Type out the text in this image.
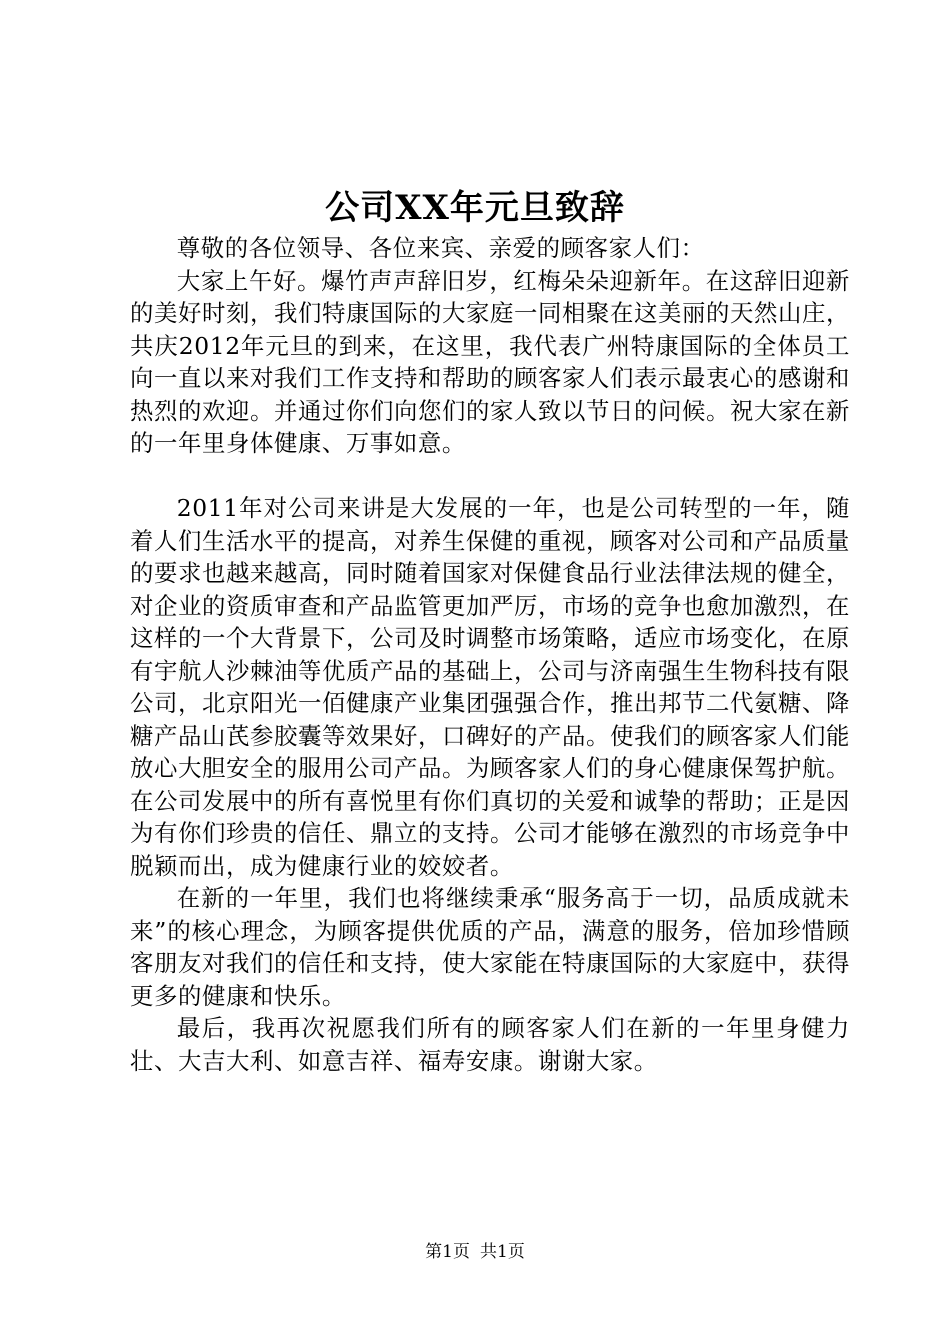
公司XX年元旦致辞

尊敬的各位领导、各位来宾、亲爱的顾客家人们：

大家上午好。爆竹声声辞旧岁，红梅朵朵迎新年。在这辞旧迎新的美好时刻，我们特康国际的大家庭一同相聚在这美丽的天然山庄，共庆2012年元旦的到来，在这里，我代表广州特康国际的全体员工向一直以来对我们工作支持和帮助的顾客家人们表示最衷心的感谢和热烈的欢迎。并通过你们向您们的家人致以节日的问候。祝大家在新的一年里身体健康、万事如意。

2011年对公司来讲是大发展的一年，也是公司转型的一年，随着人们生活水平的提高，对养生保健的重视，顾客对公司和产品质量的要求也越来越高，同时随着国家对保健食品行业法律法规的健全，对企业的资质审查和产品监管更加严厉，市场的竞争也愈加激烈，在这样的一个大背景下，公司及时调整市场策略，适应市场变化，在原有宇航人沙棘油等优质产品的基础上，公司与济南强生生物科技有限公司，北京阳光一佰健康产业集团强强合作，推出邦节二代氨糖、降糖产品山芪参胶囊等效果好，口碑好的产品。使我们的顾客家人们能放心大胆安全的服用公司产品。为顾客家人们的身心健康保驾护航。在公司发展中的所有喜悦里有你们真切的关爱和诚挚的帮助；正是因为有你们珍贵的信任、鼎立的支持。公司才能够在激烈的市场竞争中脱颖而出，成为健康行业的姣姣者。

在新的一年里，我们也将继续秉承“服务高于一切，品质成就未来”的核心理念，为顾客提供优质的产品，满意的服务，倍加珍惜顾客朋友对我们的信任和支持，使大家能在特康国际的大家庭中，获得更多的健康和快乐。

最后，我再次祝愿我们所有的顾客家人们在新的一年里身健力壮、大吉大利、如意吉祥、福寿安康。谢谢大家。

第1页 共1页
